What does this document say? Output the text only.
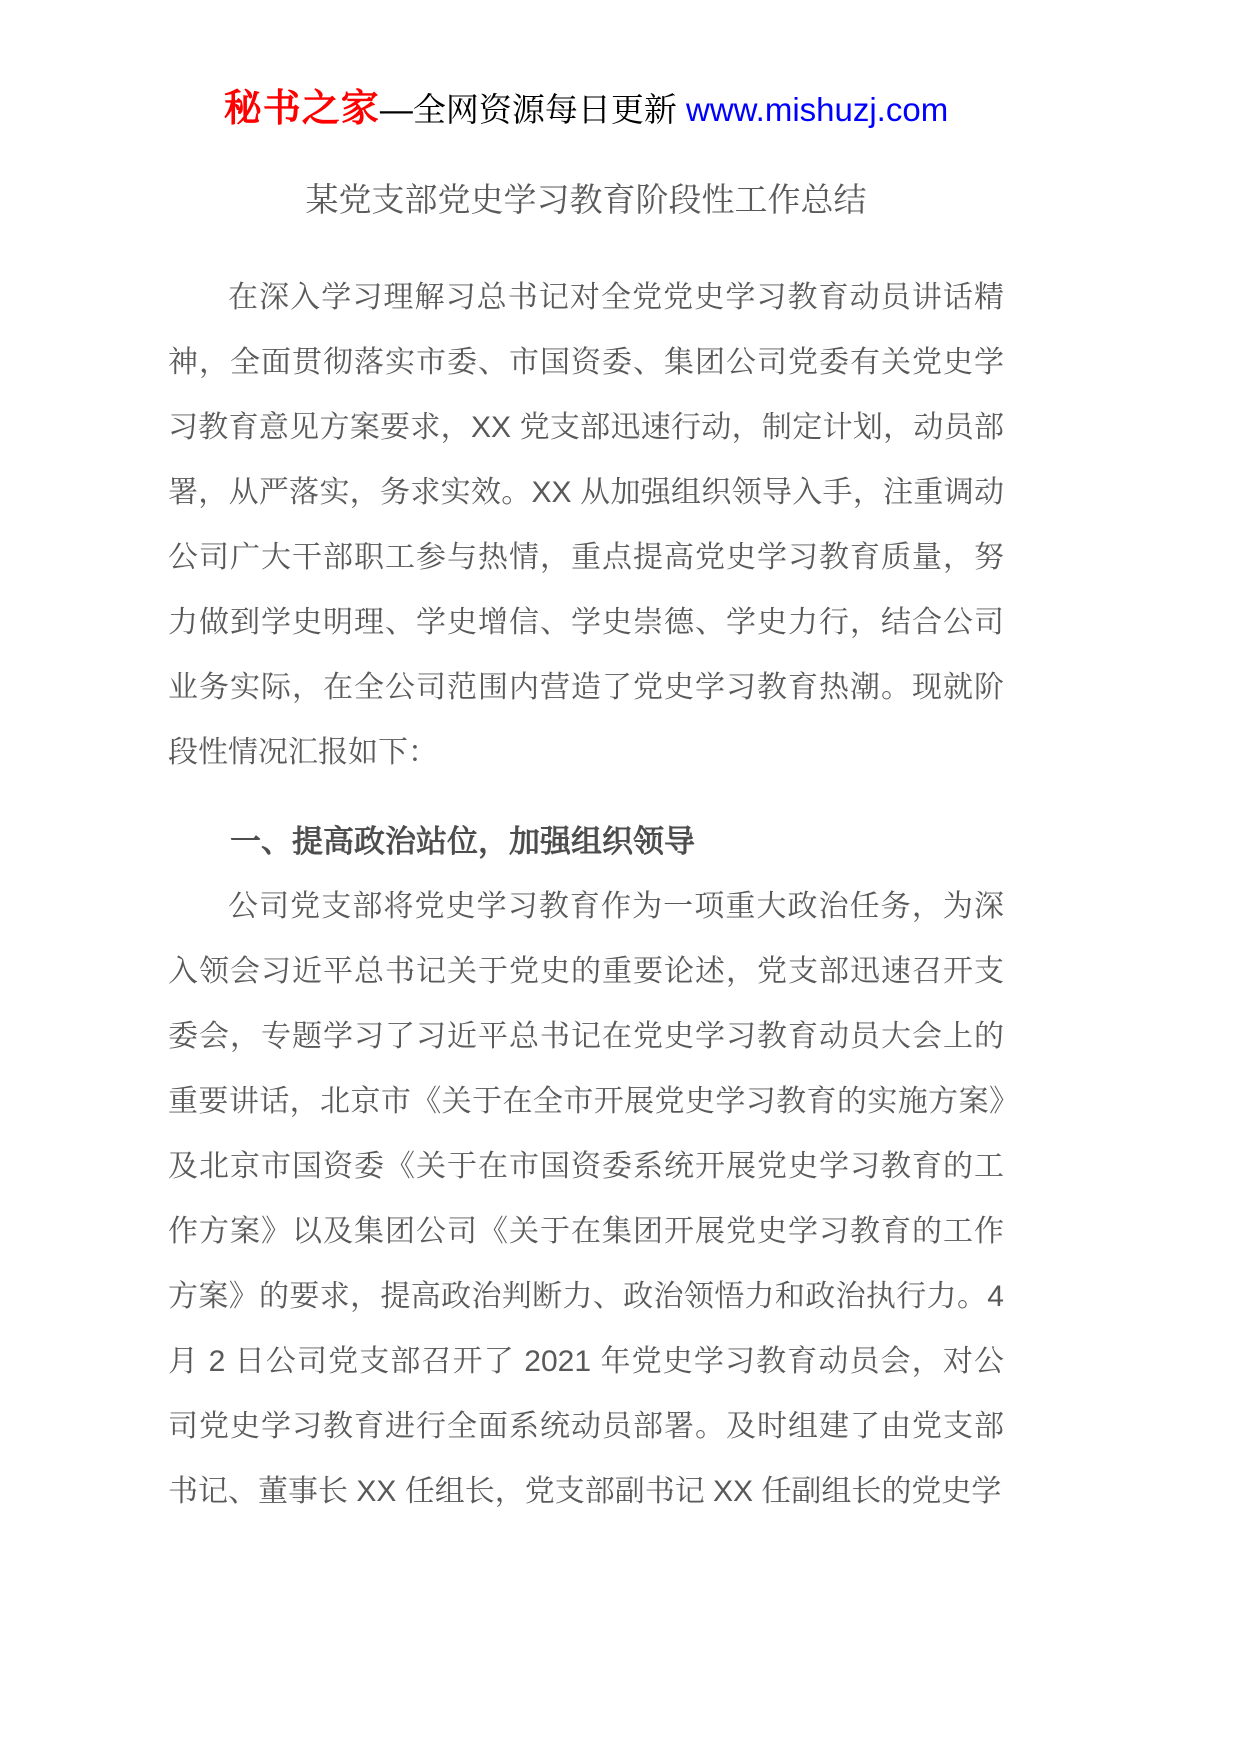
秘书之家—全网资源每日更新 www.mishuzj.com
某党支部党史学习教育阶段性工作总结

在深入学习理解习总书记对全党党史学习教育动员讲话精神，全面贯彻落实市委、市国资委、集团公司党委有关党史学习教育意见方案要求，XX 党支部迅速行动，制定计划，动员部署，从严落实，务求实效。XX 从加强组织领导入手，注重调动公司广大干部职工参与热情，重点提高党史学习教育质量，努力做到学史明理、学史增信、学史崇德、学史力行，结合公司业务实际，在全公司范围内营造了党史学习教育热潮。现就阶段性情况汇报如下：

一、提高政治站位，加强组织领导

公司党支部将党史学习教育作为一项重大政治任务，为深入领会习近平总书记关于党史的重要论述，党支部迅速召开支委会，专题学习了习近平总书记在党史学习教育动员大会上的重要讲话，北京市《关于在全市开展党史学习教育的实施方案》及北京市国资委《关于在市国资委系统开展党史学习教育的工作方案》以及集团公司《关于在集团开展党史学习教育的工作方案》的要求，提高政治判断力、政治领悟力和政治执行力。4 月 2 日公司党支部召开了 2021 年党史学习教育动员会，对公司党史学习教育进行全面系统动员部署。及时组建了由党支部书记、董事长 XX 任组长，党支部副书记 XX 任副组长的党史学
